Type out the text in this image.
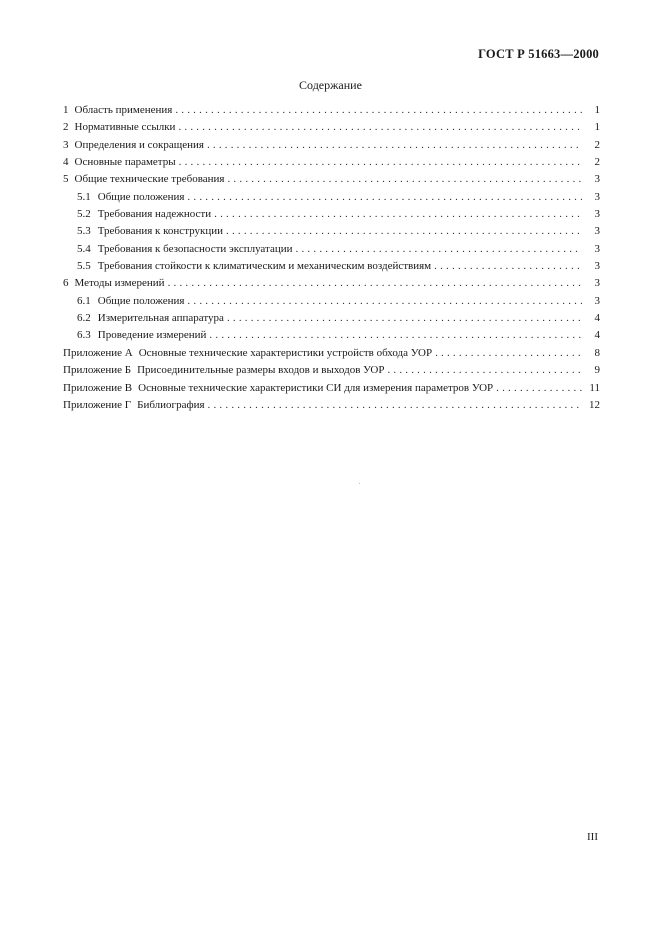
ГОСТ Р 51663—2000
Содержание
1 Область применения .....	1
2 Нормативные ссылки .....	1
3 Определения и сокращения .....	2
4 Основные параметры .....	2
5 Общие технические требования .....	3
5.1 Общие положения .....	3
5.2 Требования надежности .....	3
5.3 Требования к конструкции .....	3
5.4 Требования к безопасности эксплуатации .....	3
5.5 Требования стойкости к климатическим и механическим воздействиям .....	3
6 Методы измерений .....	3
6.1 Общие положения .....	3
6.2 Измерительная аппаратура .....	4
6.3 Проведение измерений .....	4
Приложение А Основные технические характеристики устройств обхода УОР .....	8
Приложение Б Присоединительные размеры входов и выходов УОР .....	9
Приложение В Основные технические характеристики СИ для измерения параметров УОР .....	11
Приложение Г Библиография .....	12
III
